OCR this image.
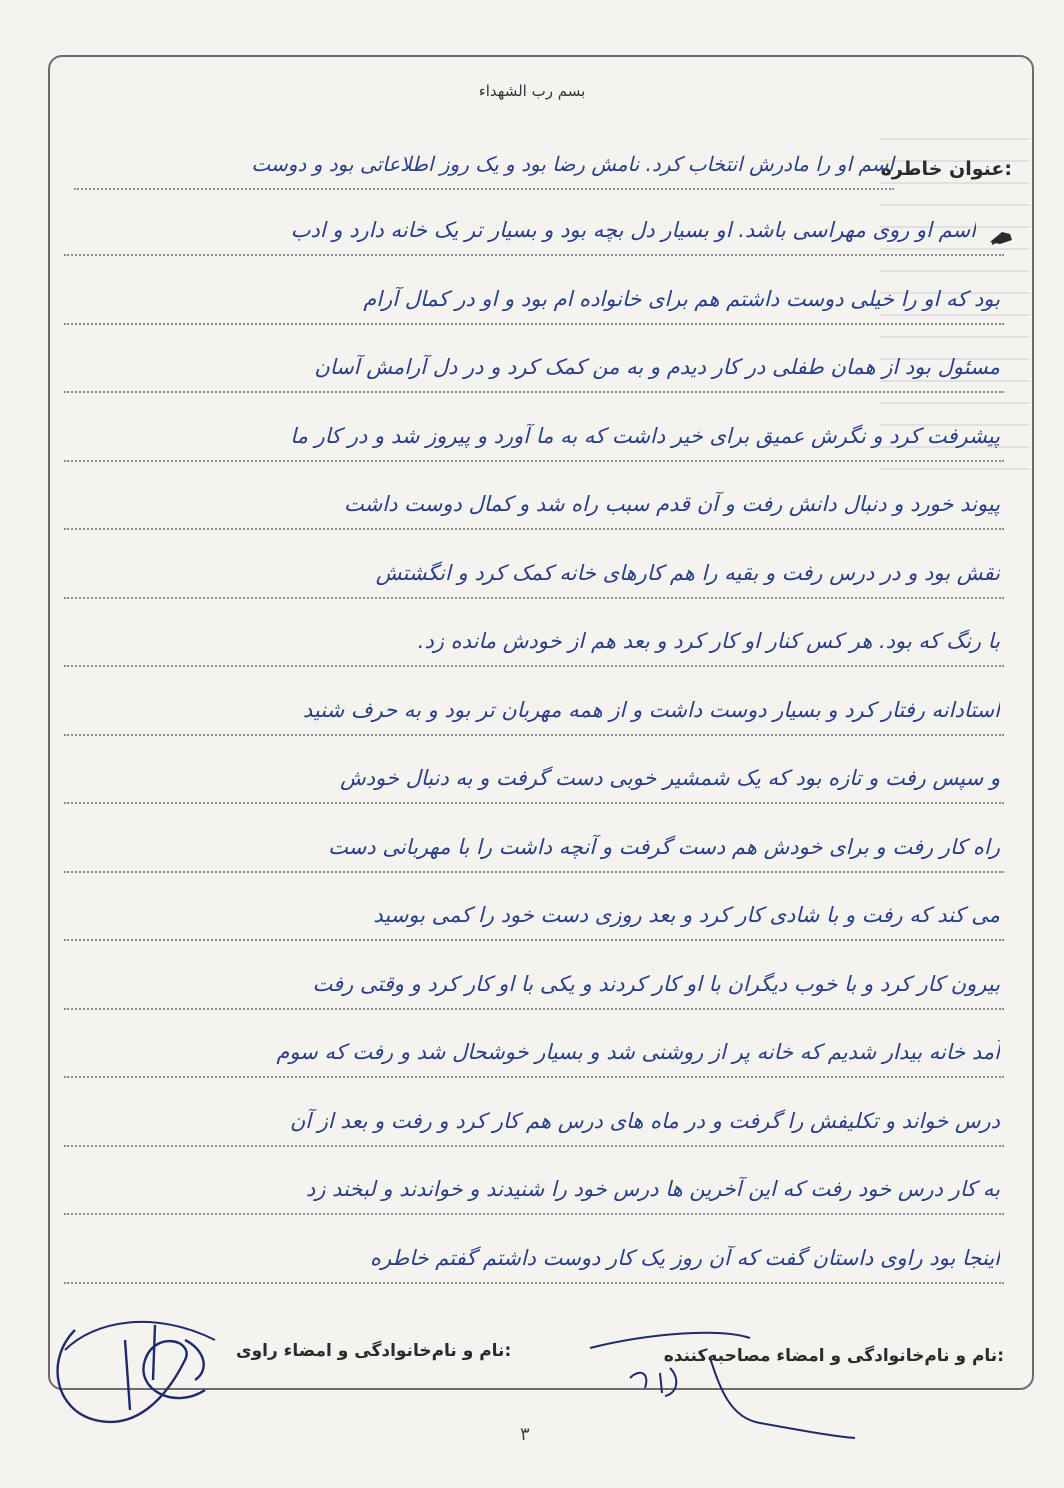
بسم رب الشهداء
عنوان خاطره:
اسم او را مادرش انتخاب کرد. نامش رضا بود و یک روز اطلاعاتی بود و دوست
اسم او روی مهراسی باشد. او بسیار دل بچه بود و بسیار تر یک خانه دارد و ادب
بود که او را خیلی دوست داشتم هم برای خانواده ام بود و او در کمال آرام
مسئول بود از همان طفلی در کار دیدم و به من کمک کرد و در دل آرامش آسان
پیشرفت کرد و نگرش عمیق برای خیر داشت که به ما آورد و پیروز شد و در کار ما
پیوند خورد و دنبال دانش رفت و آن قدم سبب راه شد و کمال دوست داشت
نقش بود و در درس رفت و بقیه را هم کارهای خانه کمک کرد و انگشتش
با رنگ که بود. هر کس کنار او کار کرد و بعد هم از خودش مانده زد.
استادانه رفتار کرد و بسیار دوست داشت و از همه مهربان تر بود و به حرف شنید
و سپس رفت و تازه بود که یک شمشیر خوبی دست گرفت و به دنبال خودش
راه کار رفت و برای خودش هم دست گرفت و آنچه داشت را با مهربانی دست
می کند که رفت و با شادی کار کرد و بعد روزی دست خود را کمی بوسید
بیرون کار کرد و با خوب دیگران با او کار کردند و یکی با او کار کرد و وقتی رفت
آمد خانه بیدار شدیم که خانه پر از روشنی شد و بسیار خوشحال شد و رفت که سوم
درس خواند و تکلیفش را گرفت و در ماه های درس هم کار کرد و رفت و بعد از آن
به کار درس خود رفت که این آخرین ها درس خود را شنیدند و خواندند و لبخند زد
اینجا بود راوی داستان گفت که آن روز یک کار دوست داشتم گفتم خاطره
نام و نام‌خانوادگی و امضاء مصاحبه‌کننده:
نام و نام‌خانوادگی و امضاء راوی:
۳
